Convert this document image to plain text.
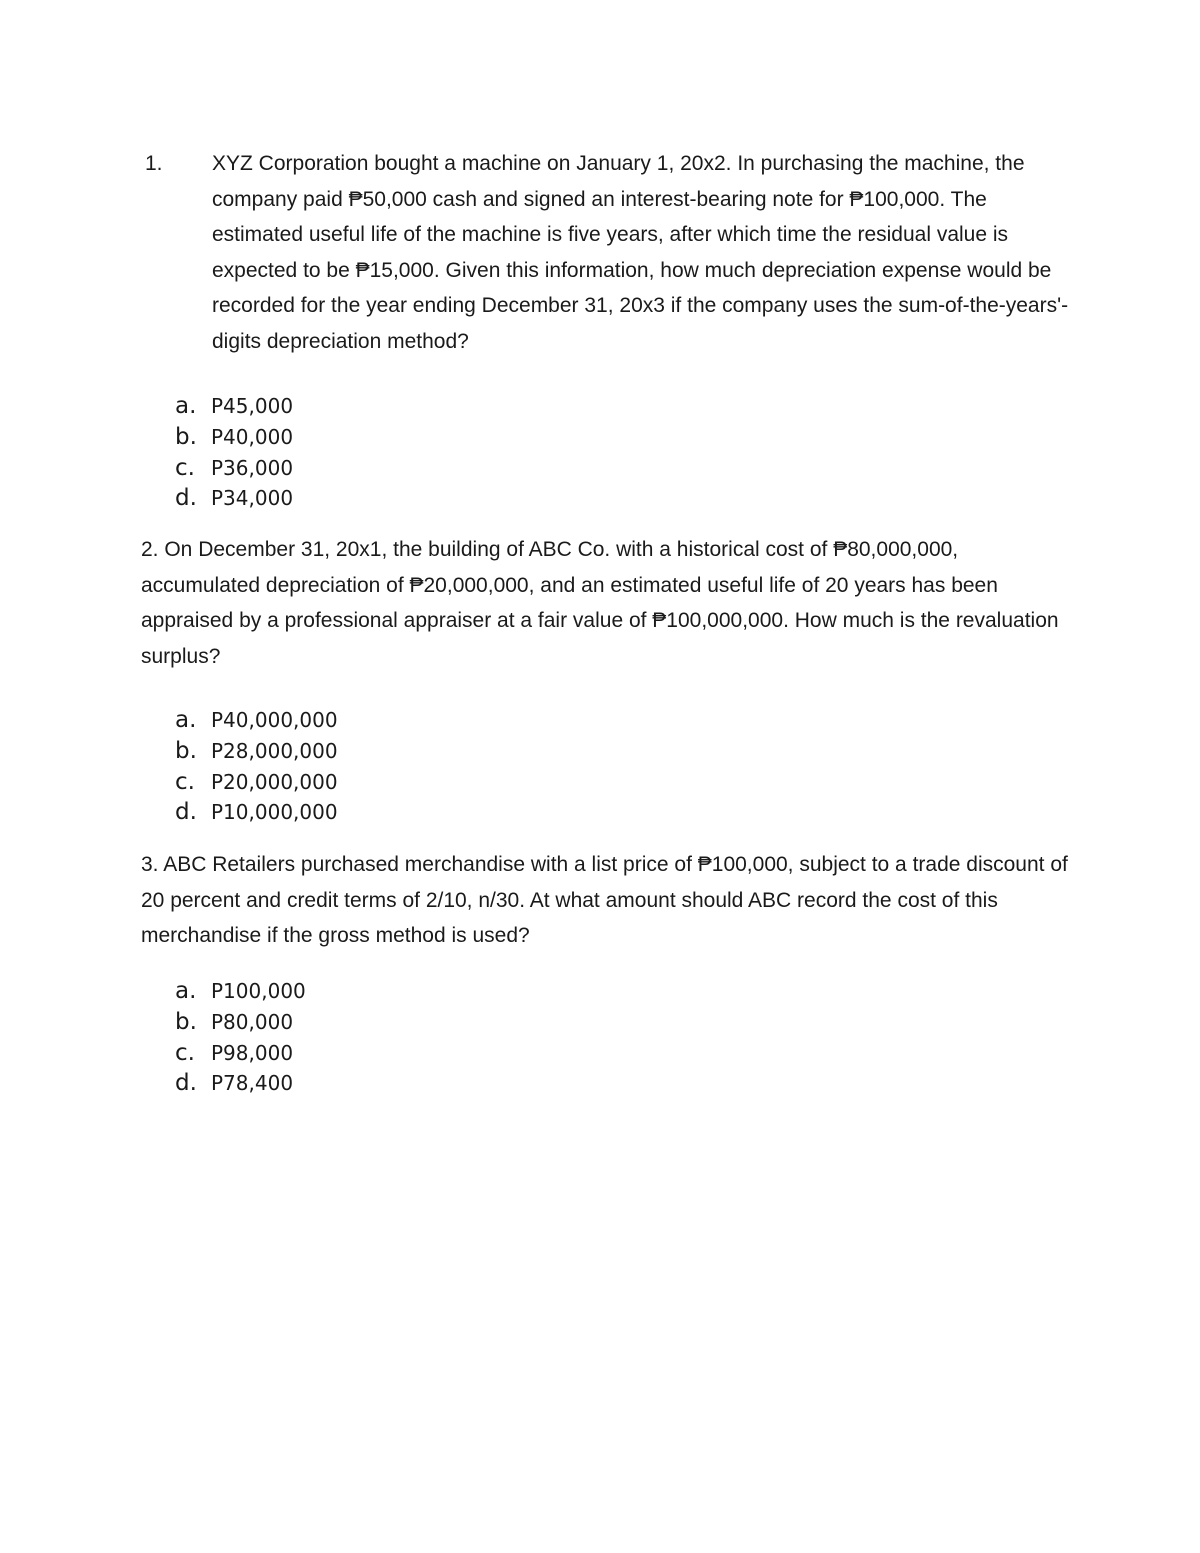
1. XYZ Corporation bought a machine on January 1, 20x2. In purchasing the machine, the company paid ₱50,000 cash and signed an interest-bearing note for ₱100,000. The estimated useful life of the machine is five years, after which time the residual value is expected to be ₱15,000. Given this information, how much depreciation expense would be recorded for the year ending December 31, 20x3 if the company uses the sum-of-the-years'-digits depreciation method?
a. P45,000
b. P40,000
c. P36,000
d. P34,000
2. On December 31, 20x1, the building of ABC Co. with a historical cost of ₱80,000,000, accumulated depreciation of ₱20,000,000, and an estimated useful life of 20 years has been appraised by a professional appraiser at a fair value of ₱100,000,000. How much is the revaluation surplus?
a. P40,000,000
b. P28,000,000
c. P20,000,000
d. P10,000,000
3. ABC Retailers purchased merchandise with a list price of ₱100,000, subject to a trade discount of 20 percent and credit terms of 2/10, n/30. At what amount should ABC record the cost of this merchandise if the gross method is used?
a. P100,000
b. P80,000
c. P98,000
d. P78,400
